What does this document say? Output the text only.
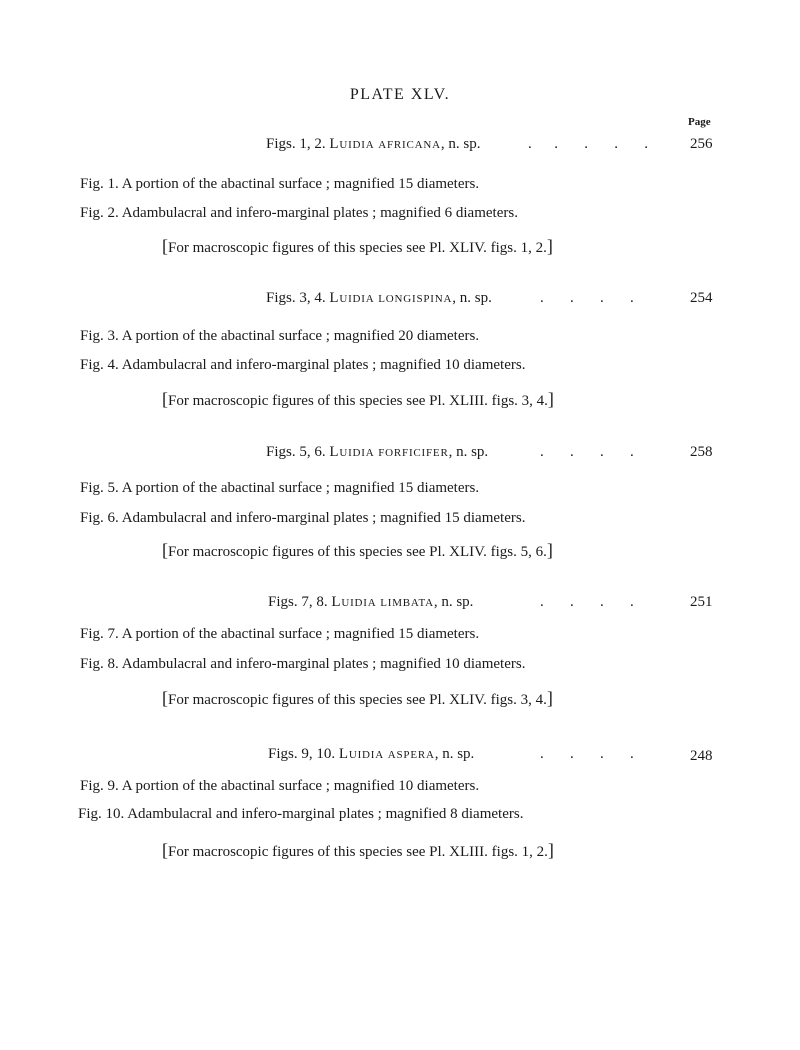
PLATE XLV.
Page
Figs. 1, 2. Luidia africana, n. sp.	.      .       .       .       .	256
Fig. 1. A portion of the abactinal surface ; magnified 15 diameters.
Fig. 2. Adambulacral and infero-marginal plates ; magnified 6 diameters.
[For macroscopic figures of this species see Pl. XLIV. figs. 1, 2.]
Figs. 3, 4. Luidia longispina, n. sp.	.       .       .       .	254
Fig. 3. A portion of the abactinal surface ; magnified 20 diameters.
Fig. 4. Adambulacral and infero-marginal plates ; magnified 10 diameters.
[For macroscopic figures of this species see Pl. XLIII. figs. 3, 4.]
Figs. 5, 6. Luidia forficifer, n. sp.	.       .       .       .	258
Fig. 5. A portion of the abactinal surface ; magnified 15 diameters.
Fig. 6. Adambulacral and infero-marginal plates ; magnified 15 diameters.
[For macroscopic figures of this species see Pl. XLIV. figs. 5, 6.]
Figs. 7, 8. Luidia limbata, n. sp.	.       .       .       .	251
Fig. 7. A portion of the abactinal surface ; magnified 15 diameters.
Fig. 8. Adambulacral and infero-marginal plates ; magnified 10 diameters.
[For macroscopic figures of this species see Pl. XLIV. figs. 3, 4.]
Figs. 9, 10. Luidia aspera, n. sp.	.       .       .       .	248
Fig. 9. A portion of the abactinal surface ; magnified 10 diameters.
Fig. 10. Adambulacral and infero-marginal plates ; magnified 8 diameters.
[For macroscopic figures of this species see Pl. XLIII. figs. 1, 2.]
